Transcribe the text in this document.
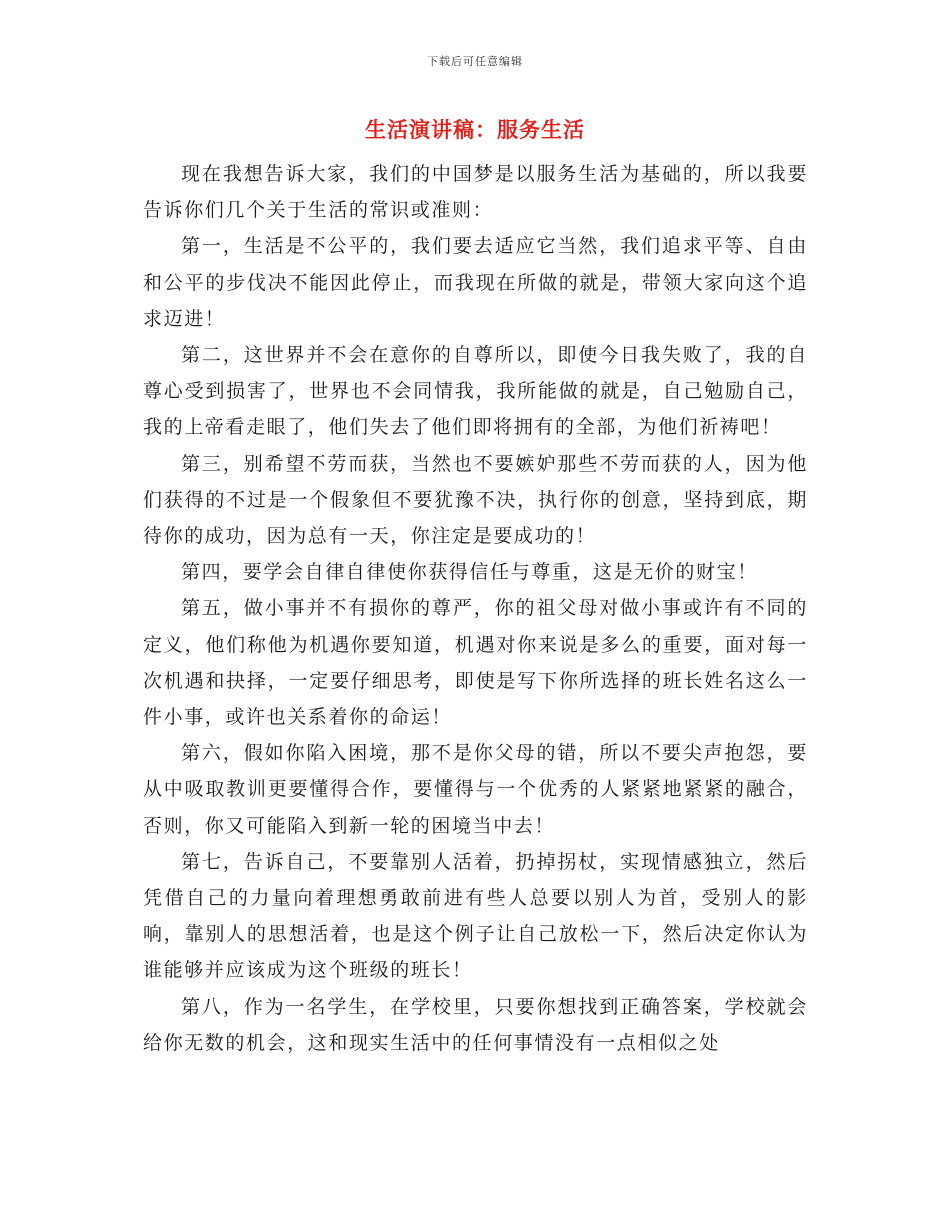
下载后可任意编辑
生活演讲稿：服务生活

现在我想告诉大家，我们的中国梦是以服务生活为基础的，所以我要告诉你们几个关于生活的常识或准则：

第一，生活是不公平的，我们要去适应它当然，我们追求平等、自由和公平的步伐决不能因此停止，而我现在所做的就是，带领大家向这个追求迈进！

第二，这世界并不会在意你的自尊所以，即使今日我失败了，我的自尊心受到损害了，世界也不会同情我，我所能做的就是，自己勉励自己，我的上帝看走眼了，他们失去了他们即将拥有的全部，为他们祈祷吧！

第三，别希望不劳而获，当然也不要嫉妒那些不劳而获的人，因为他们获得的不过是一个假象但不要犹豫不决，执行你的创意，坚持到底，期待你的成功，因为总有一天，你注定是要成功的！

第四，要学会自律自律使你获得信任与尊重，这是无价的财宝！

第五，做小事并不有损你的尊严，你的祖父母对做小事或许有不同的定义，他们称他为机遇你要知道，机遇对你来说是多么的重要，面对每一次机遇和抉择，一定要仔细思考，即使是写下你所选择的班长姓名这么一件小事，或许也关系着你的命运！

第六，假如你陷入困境，那不是你父母的错，所以不要尖声抱怨，要从中吸取教训更要懂得合作，要懂得与一个优秀的人紧紧地紧紧的融合，否则，你又可能陷入到新一轮的困境当中去！

第七，告诉自己，不要靠别人活着，扔掉拐杖，实现情感独立，然后凭借自己的力量向着理想勇敢前进有些人总要以别人为首，受别人的影响，靠别人的思想活着，也是这个例子让自己放松一下，然后决定你认为谁能够并应该成为这个班级的班长！

第八，作为一名学生，在学校里，只要你想找到正确答案，学校就会给你无数的机会，这和现实生活中的任何事情没有一点相似之处
